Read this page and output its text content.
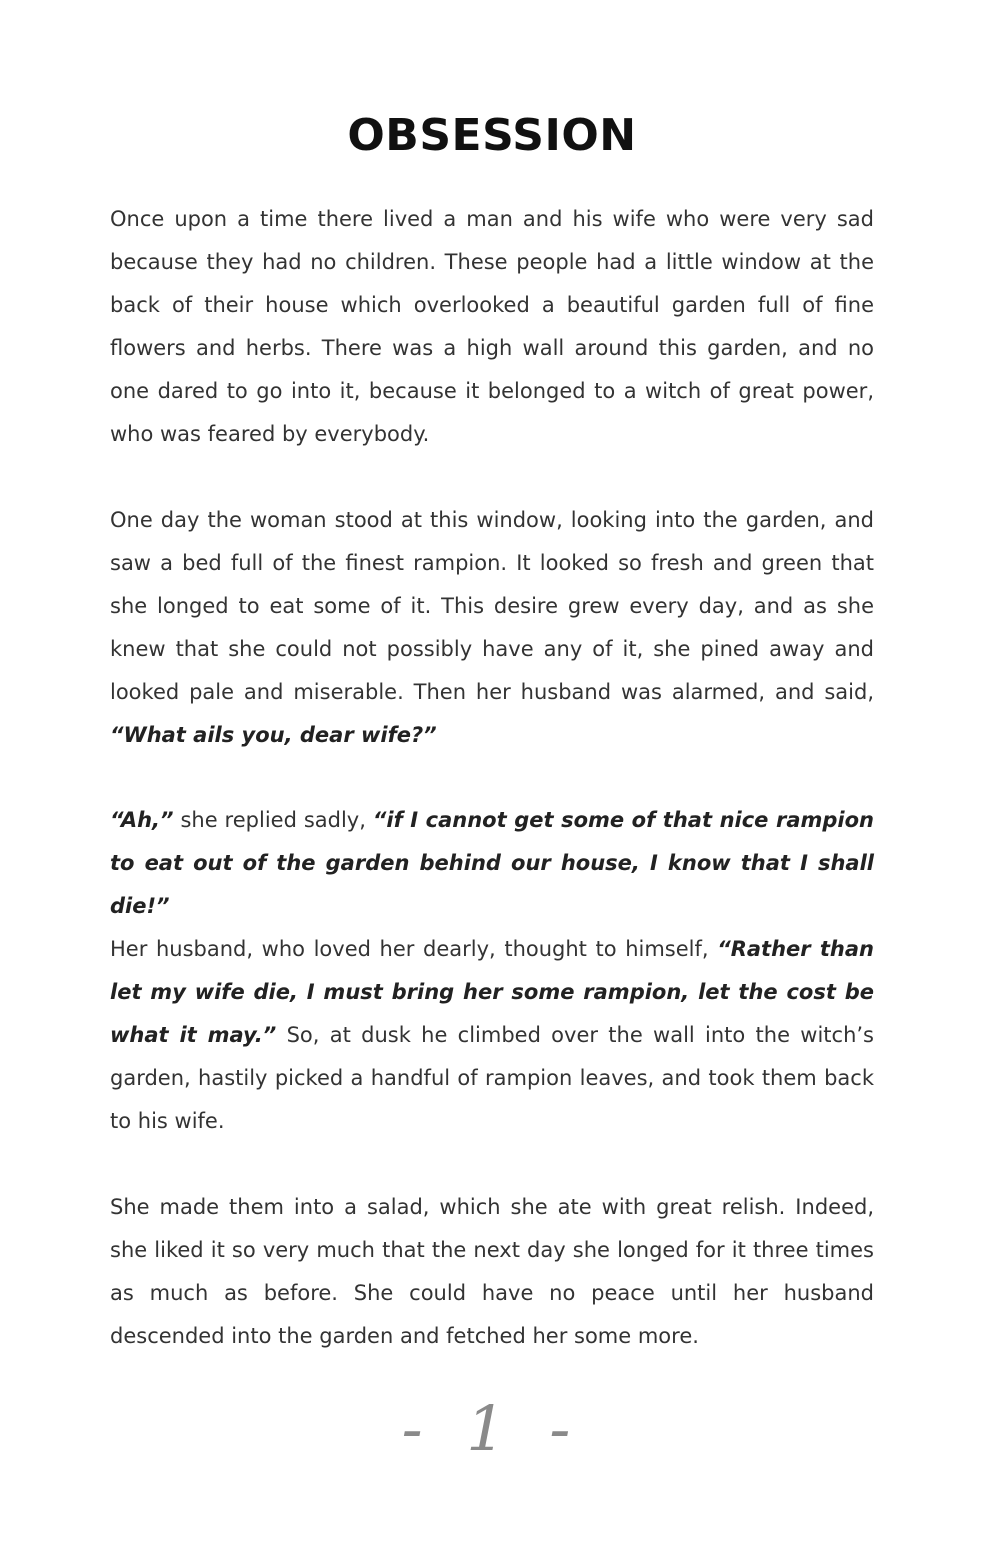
OBSESSION

Once upon a time there lived a man and his wife who were very sad because they had no children. These people had a little window at the back of their house which overlooked a beautiful garden full of fine flowers and herbs. There was a high wall around this garden, and no one dared to go into it, because it belonged to a witch of great power, who was feared by everybody.

One day the woman stood at this window, looking into the garden, and saw a bed full of the finest rampion. It looked so fresh and green that she longed to eat some of it. This desire grew every day, and as she knew that she could not possibly have any of it, she pined away and looked pale and miserable. Then her husband was alarmed, and said, “What ails you, dear wife?”

“Ah,” she replied sadly, “if I cannot get some of that nice rampion to eat out of the garden behind our house, I know that I shall die!”

Her husband, who loved her dearly, thought to himself, “Rather than let my wife die, I must bring her some rampion, let the cost be what it may.” So, at dusk he climbed over the wall into the witch’s garden, hastily picked a handful of rampion leaves, and took them back to his wife.

She made them into a salad, which she ate with great relish. Indeed, she liked it so very much that the next day she longed for it three times as much as before. She could have no peace until her husband descended into the garden and fetched her some more.

- 1 -
